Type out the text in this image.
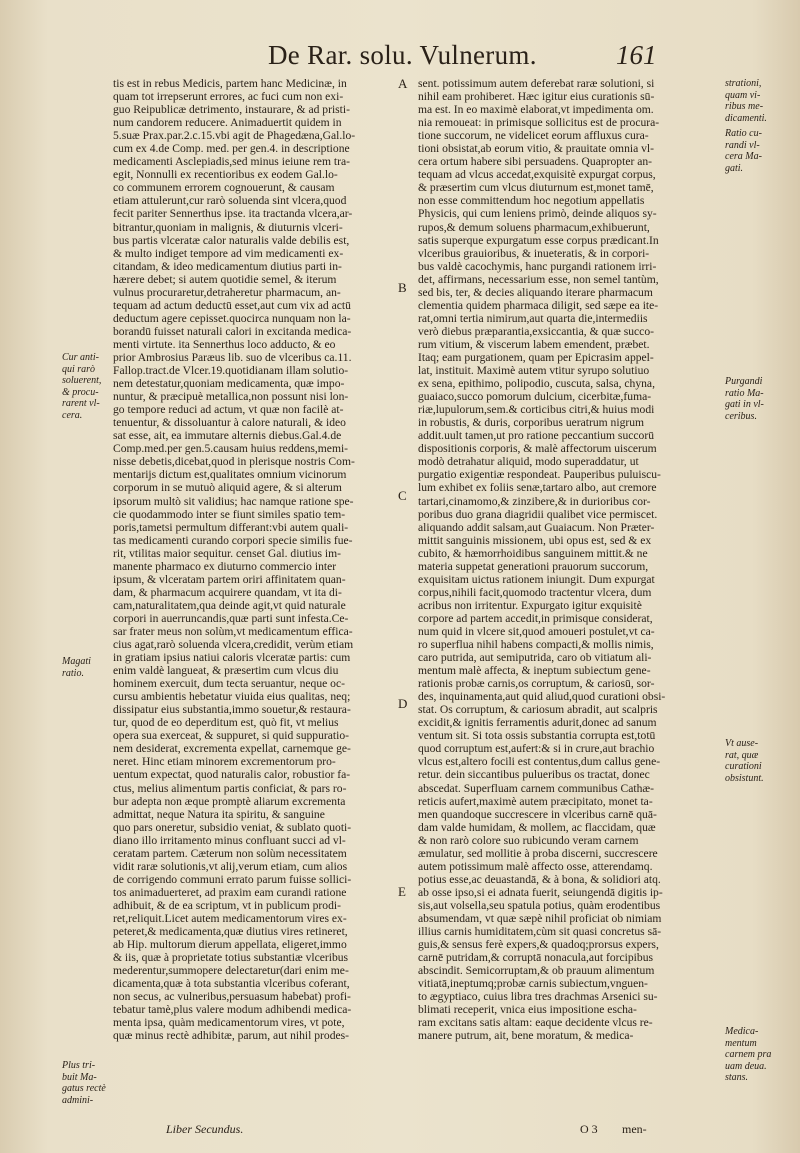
De Rar. solu. Vulnerum.	161
tis est in rebus Medicis, partem hanc Medicinæ, in
quam tot irrepserunt errores, ac fuci cum non exi-
guo Reipublicæ detrimento, instaurare, & ad pristi-
num candorem reducere. Animaduertit quidem in
5.suæ Prax.par.2.c.15.vbi agit de Phagedæna,Gal.lo-
cum ex 4.de Comp. med. per gen.4. in descriptione
medicamenti Asclepiadis,sed minus ieiune rem tra-
egit, Nonnulli ex recentioribus ex eodem Gal.lo-
co communem errorem cognouerunt, & causam
etiam attulerunt,cur rarò soluenda sint vlcera,quod
fecit pariter Sennerthus ipse. ita tractanda vlcera,ar-
bitrantur,quoniam in malignis, & diuturnis vlceri-
bus partis vlceratæ calor naturalis valde debilis est,
& multo indiget tempore ad vim medicamenti ex-
citandam, & ideo medicamentum diutius parti in-
hærere debet; si autem quotidie semel, & iterum
vulnus procuraretur,detraheretur pharmacum, an-
tequam ad actum deductū esset,aut cum vix ad actū
deductum agere cepisset.quocirca nunquam non la-
borandū fuisset naturali calori in excitanda medica-
menti virtute. ita Sennerthus loco adducto, & eo
prior Ambrosius Paræus lib. suo de vlceribus ca.11.
Fallop.tract.de Vlcer.19.quotidianam illam solutio-
nem detestatur,quoniam medicamenta, quæ impo-
nuntur, & præcipuè metallica,non possunt nisi lon-
go tempore reduci ad actum, vt quæ non facilè at-
tenuentur, & dissoluantur à calore naturali, & ideo
sat esse, ait, ea immutare alternis diebus.Gal.4.de
Comp.med.per gen.5.causam huius reddens,memi-
nisse debetis,dicebat,quod in plerisque nostris Com-
mentarijs dictum est,qualitates omnium vicinorum
corporum in se mutuò aliquid agere, & si alterum
ipsorum multò sit validius; hac namque ratione spe-
cie quodammodo inter se fiunt similes spatio tem-
poris,tametsi permultum differant:vbi autem quali-
tas medicamenti curando corpori specie similis fue-
rit, vtilitas maior sequitur. censet Gal. diutius im-
manente pharmaco ex diuturno commercio inter
ipsum, & vlceratam partem oriri affinitatem quan-
dam, & pharmacum acquirere quandam, vt ita di-
cam,naturalitatem,qua deinde agit,vt quid naturale
corpori in auerruncandis,quæ parti sunt infesta.Ce-
sar frater meus non solùm,vt medicamentum effica-
cius agat,rarò soluenda vlcera,credidit, verùm etiam
in gratiam ipsius natiui caloris vlceratæ partis: cum
enim valdè langueat, & præsertim cum vlcus diu
hominem exercuit, dum tecta seruantur, neque oc-
cursu ambientis hebetatur viuida eius qualitas, neq;
dissipatur eius substantia,immo souetur,& restaura-
tur, quod de eo deperditum est, quò fit, vt melius
opera sua exerceat, & suppuret, si quid suppuratio-
nem desiderat, excrementa expellat, carnemque ge-
neret. Hinc etiam minorem excrementorum pro-
uentum expectat, quod naturalis calor, robustior fa-
ctus, melius alimentum partis conficiat, & pars ro-
bur adepta non æque promptè aliarum excrementa
admittat, neque Natura ita spiritu, & sanguine
quo pars oneretur, subsidio veniat, & sublato quoti-
diano illo irritamento minus confluant succi ad vl-
ceratam partem. Cæterum non solùm necessitatem
vidit raræ solutionis,vt alij,verum etiam, cum alios
de corrigendo communi errato parum fuisse sollici-
tos animaduerteret, ad praxim eam curandi ratione
adhibuit, & de ea scriptum, vt in publicum prodi-
ret,reliquit.Licet autem medicamentorum vires ex-
peteret,& medicamenta,quæ diutius vires retineret,
ab Hip. multorum dierum appellata, eligeret,immo
& iis, quæ à proprietate totius substantiæ vlceribus
mederentur,summopere delectaretur(dari enim me-
dicamenta,quæ à tota substantia vlceribus coferant,
non secus, ac vulneribus,persuasum habebat) profi-
tebatur tamè,plus valere modum adhibendi medica-
menta ipsa, quàm medicamentorum vires, vt pote,
quæ minus rectè adhibitæ, parum, aut nihil prodes-
sent. potissimum autem deferebat raræ solutioni, si
nihil eam prohiberet. Hæc igitur eius curationis sū-
ma est. In eo maximè elaborat,vt impedimenta om.
nia remoueat: in primisque sollicitus est de procura-
tione succorum, ne videlicet eorum affluxus cura-
tioni obsistat,ab eorum vitio, & prauitate omnia vl-
cera ortum habere sibi persuadens. Quapropter an-
tequam ad vlcus accedat,exquisitè expurgat corpus,
& præsertim cum vlcus diuturnum est,monet tamē,
non esse committendum hoc negotium appellatis
Physicis, qui cum leniens primò, deinde aliquos sy-
rupos,& demum soluens pharmacum,exhibuerunt,
satis superque expurgatum esse corpus prædicant.In
vlceribus grauioribus, & inueteratis, & in corpori-
bus valdè cacochymis, hanc purgandi rationem irri-
det, affirmans, necessarium esse, non semel tantùm,
sed bis, ter, & decies aliquando iterare pharmacum
clementia quidem pharmaca diligit, sed sæpe ea ite-
rat,omni tertia nimirum,aut quarta die,intermediis
verò diebus præparantia,exsiccantia, & quæ succo-
rum vitium, & viscerum labem emendent, præbet.
Itaq; eam purgationem, quam per Epicrasim appel-
lat, instituit. Maximè autem vtitur syrupo solutiuo
ex sena, epithimo, polipodio, cuscuta, salsa, chyna,
guaiaco,succo pomorum dulcium, cicerbitæ,fuma-
riæ,lupulorum,sem.& corticibus citri,& huius modi
in robustis, & duris, corporibus ueratrum nigrum
addit.uult tamen,ut pro ratione peccantium succorū
dispositionis corporis, & malè affectorum uiscerum
modò detrahatur aliquid, modo superaddatur, ut
purgatio exigentiæ respondeat. Pauperibus puluiscu-
lum exhibet ex foliis senæ,tartaro albo, aut cremore
tartari,cinamomo,& zinzibere,& in durioribus cor-
poribus duo grana diagridii qualibet vice permiscet.
aliquando addit salsam,aut Guaiacum. Non Præter-
mittit sanguinis missionem, ubi opus est, sed & ex
cubito, & hæmorrhoidibus sanguinem mittit.& ne
materia suppetat generationi prauorum succorum,
exquisitam uictus rationem iniungit. Dum expurgat
corpus,nihili facit,quomodo tractentur vlcera, dum
acribus non irritentur. Expurgato igitur exquisitè
corpore ad partem accedit,in primisque considerat,
num quid in vlcere sit,quod amoueri postulet,vt ca-
ro superflua nihil habens compacti,& mollis nimis,
caro putrida, aut semiputrida, caro ob vitiatum ali-
mentum malè affecta, & ineptum subiectum gene-
rationis probæ carnis,os corruptum, & cariosū, sor-
des, inquinamenta,aut quid aliud,quod curationi obsi-
stat. Os corruptum, & cariosum abradit, aut scalpris
excidit,& ignitis ferramentis adurit,donec ad sanum
ventum sit. Si tota ossis substantia corrupta est,totū
quod corruptum est,aufert:& si in crure,aut brachio
vlcus est,altero focili est contentus,dum callus gene-
retur. dein siccantibus pulueribus os tractat, donec
abscedat. Superfluam carnem communibus Cathæ-
reticis aufert,maximè autem præcipitato, monet ta-
men quandoque succrescere in vlceribus carnē quā-
dam valde humidam, & mollem, ac flaccidam, quæ
& non rarò colore suo rubicundo veram carnem
æmulatur, sed mollitie à proba discerni, succrescere
autem potissimum malè affecto osse, atterendamq.
potius esse,ac deuastandā, & à bona, & solidiori atq.
ab osse ipso,si ei adnata fuerit, seiungendā digitis ip-
sis,aut volsella,seu spatula potius, quàm erodentibus
absumendam, vt quæ sæpè nihil proficiat ob nimiam
illius carnis humiditatem,cùm sit quasi concretus sā-
guis,& sensus ferè expers,& quadoq;prorsus expers,
carnē putridam,& corruptā nonacula,aut forcipibus
abscindit. Semicorruptam,& ob prauum alimentum
vitiatā,ineptumq;probæ carnis subiectum,vnguen-
to ægyptiaco, cuius libra tres drachmas Arsenici su-
blimati receperit, vnica eius impositione escha-
ram excitans satis altam: eaque decidente vlcus re-
manere putrum, ait, bene moratum, & medica-
A
B
C
D
E
Cur anti-
qui rarò
soluerent,
& procu-
rarent vl-
cera.
Magati
ratio.
Plus tri-
buit Ma-
gatus rectè
admini-
strationi,
quam vi-
ribus me-
dicamenti.
Ratio cu-
randi vl-
cera Ma-
gati.
Purgandi
ratio Ma-
gati in vl-
ceribus.
Vt ause-
rat, quæ
curationi
obsistunt.
Medica-
mentum
carnem pra
uam deua.
stans.
Liber Secundus.	O 3 men-
